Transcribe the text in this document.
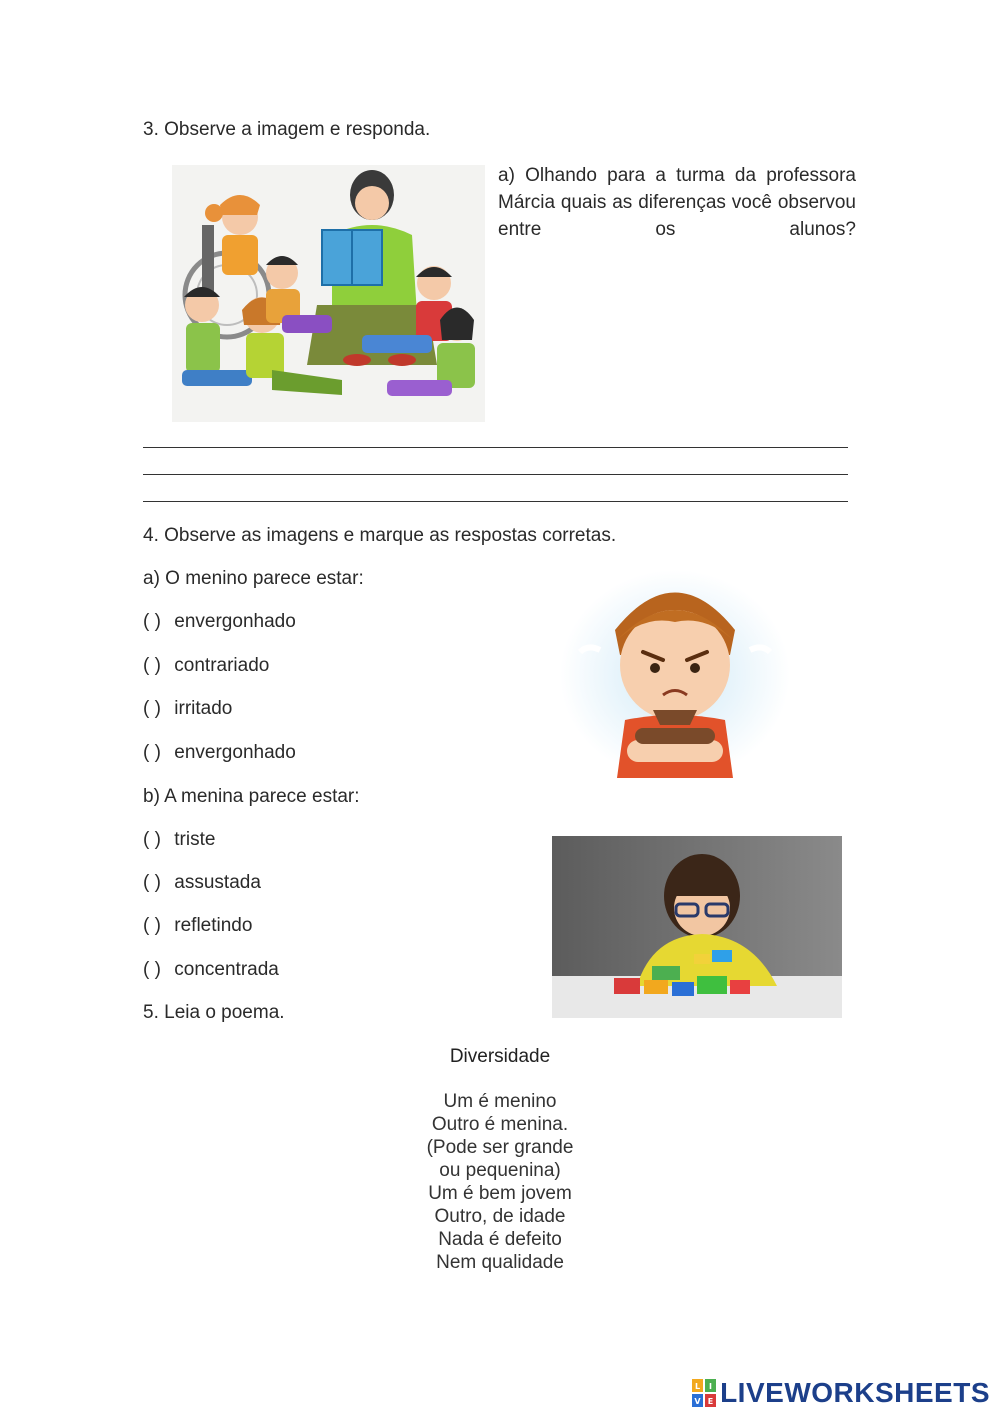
3. Observe a imagem e responda.
a) Olhando para a turma da professora Márcia quais as diferenças você observou entre os alunos?
4. Observe as imagens e marque as respostas corretas.
a) O menino parece estar:
( ) envergonhado
( ) contrariado
( ) irritado
( ) envergonhado
b) A menina parece estar:
( ) triste
( ) assustada
( ) refletindo
( ) concentrada
5. Leia o poema.
Diversidade
Um é menino
Outro é menina.
(Pode ser grande
ou pequenina)
Um é bem jovem
Outro, de idade
Nada é defeito
Nem qualidade
L I
V E LIVEWORKSHEETS
